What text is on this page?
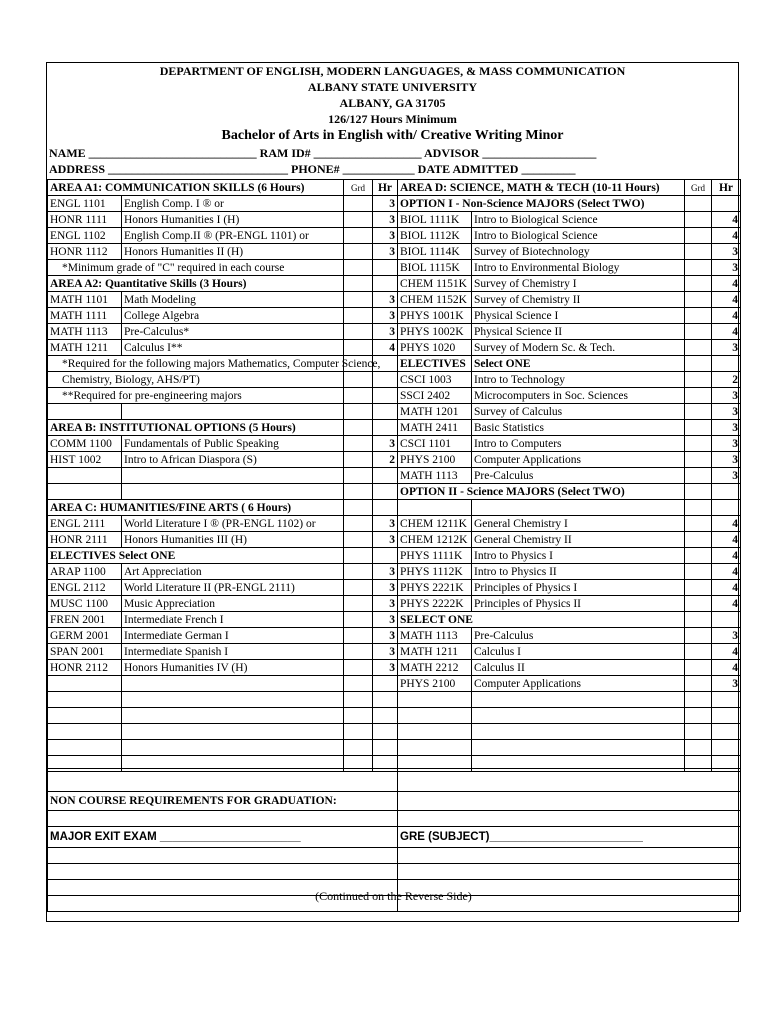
DEPARTMENT OF ENGLISH, MODERN LANGUAGES, & MASS COMMUNICATION
ALBANY STATE UNIVERSITY
ALBANY, GA 31705
126/127 Hours Minimum
Bachelor of Arts in English with/ Creative Writing Minor
NAME ____________________________ RAM ID# __________________ ADVISOR ___________________
ADDRESS ______________________________ PHONE# ____________ DATE ADMITTED _________
AREA A1: COMMUNICATION SKILLS (6 Hours)		Grd	Hr	AREA D: SCIENCE, MATH & TECH (10-11 Hours)		Grd	Hr
ENGL 1101	English Comp. I ® or		3	OPTION I - Non-Science MAJORS (Select TWO)			
HONR 1111	Honors Humanities I (H)		3	BIOL 1111K	Intro to Biological Science		4
ENGL 1102	English Comp.II ® (PR-ENGL 1101) or		3	BIOL 1112K	Intro to Biological Science		4
HONR 1112	Honors Humanities II (H)		3	BIOL 1114K	Survey of Biotechnology		3
*Minimum grade of "C" required in each course				BIOL 1115K	Intro to Environmental Biology		3
AREA A2: Quantitative Skills (3 Hours)				CHEM 1151K	Survey of Chemistry I		4
MATH 1101	Math Modeling		3	CHEM 1152K	Survey of Chemistry II		4
MATH 1111	College Algebra		3	PHYS 1001K	Physical Science I		4
MATH 1113	Pre-Calculus*		3	PHYS 1002K	Physical Science II		4
MATH 1211	Calculus I**		4	PHYS 1020	Survey of Modern Sc. & Tech.		3
*Required for the following majors Mathematics, Computer Science,				ELECTIVES	Select ONE		
Chemistry, Biology, AHS/PT)				CSCI 1003	Intro to Technology		2
**Required for pre-engineering majors				SSCI 2402	Microcomputers in Soc. Sciences		3
				MATH 1201	Survey of Calculus		3
AREA B: INSTITUTIONAL OPTIONS (5 Hours)				MATH 2411	Basic Statistics		3
COMM 1100	Fundamentals of Public Speaking		3	CSCI 1101	Intro to Computers		3
HIST 1002	Intro to African Diaspora (S)		2	PHYS 2100	Computer Applications		3
				MATH 1113	Pre-Calculus		3
				OPTION II - Science MAJORS (Select TWO)			
AREA C: HUMANITIES/FINE ARTS ( 6 Hours)							
ENGL 2111	World Literature I ® (PR-ENGL 1102) or		3	CHEM 1211K	General Chemistry I		4
HONR 2111	Honors Humanities III (H)		3	CHEM 1212K	General Chemistry II		4
ELECTIVES Select ONE				PHYS 1111K	Intro to Physics I		4
ARAP 1100	Art Appreciation		3	PHYS 1112K	Intro to Physics II		4
ENGL 2112	World Literature II (PR-ENGL 2111)		3	PHYS 2221K	Principles of Physics I		4
MUSC 1100	Music Appreciation		3	PHYS 2222K	Principles of Physics II		4
FREN 2001	Intermediate French I		3	SELECT ONE			
GERM 2001	Intermediate German I		3	MATH 1113	Pre-Calculus		3
SPAN 2001	Intermediate Spanish I		3	MATH 1211	Calculus I		4
HONR 2112	Honors Humanities IV (H)		3	MATH 2212	Calculus II		4
				PHYS 2100	Computer Applications		3

NON COURSE REQUIREMENTS FOR GRADUATION:	

MAJOR EXIT EXAM ______________________	GRE (SUBJECT)________________________

(Continued on the Reverse Side)
